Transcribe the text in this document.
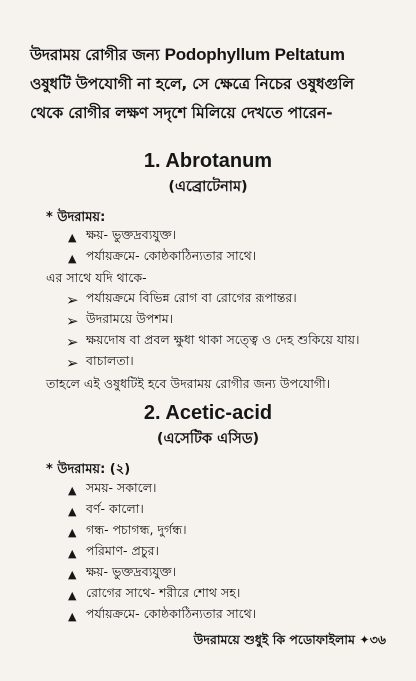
উদরাময় রোগীর জন্য Podophyllum Peltatum
ওষুধটি উপযোগী না হলে, সে ক্ষেত্রে নিচের ওষুধগুলি
থেকে রোগীর লক্ষণ সদৃশে মিলিয়ে দেখতে পারেন-
1. Abrotanum
(এব্রোটেনাম)
* উদরাময়:
▲ ক্ষয়- ভুক্তদ্রব্যযুক্ত।
▲ পর্যায়ক্রমে- কোষ্ঠকাঠিন্যতার সাথে।
এর সাথে যদি থাকে-
➢ পর্যায়ক্রমে বিভিন্ন রোগ বা রোগের রূপান্তর।
➢ উদরাময়ে উপশম।
➢ ক্ষয়দোষ বা প্রবল ক্ষুধা থাকা সত্ত্বে ও দেহ শুকিয়ে যায়।
➢ বাচালতা।
তাহলে এই ওষুধটিই হবে উদরাময় রোগীর জন্য উপযোগী।
2. Acetic-acid
(এসেটিক এসিড)
* উদরাময়: (২)
▲ সময়- সকালে।
▲ বর্ণ- কালো।
▲ গন্ধ- পচাগন্ধ, দুর্গন্ধ।
▲ পরিমাণ- প্রচুর।
▲ ক্ষয়- ভুক্তদ্রব্যযুক্ত।
▲ রোগের সাথে- শরীরে শোথ সহ।
▲ পর্যায়ক্রমে- কোষ্ঠকাঠিন্যতার সাথে।
উদরাময়ে শুধুই কি পডোফাইলাম ✦৩৬
